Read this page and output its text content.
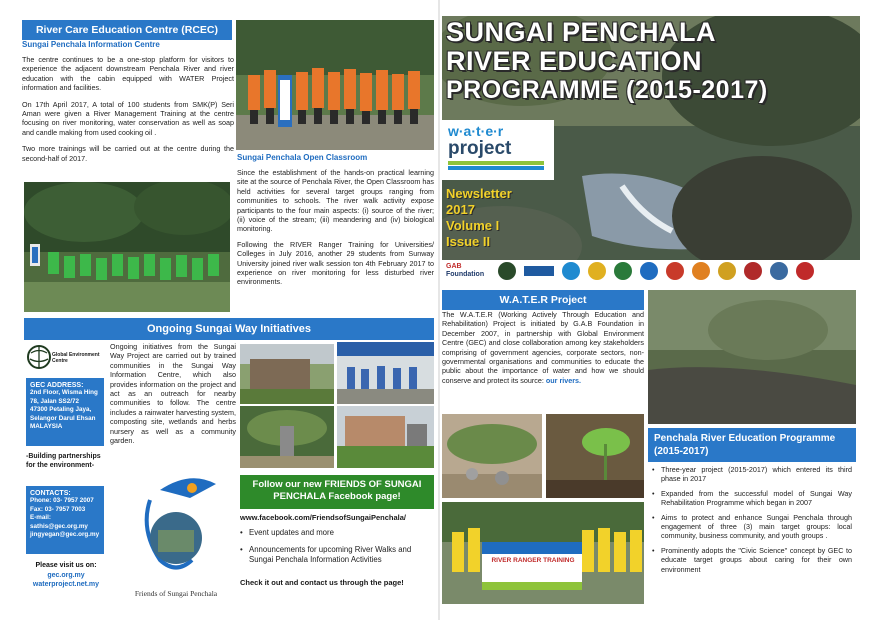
River Care Education Centre (RCEC)
Sungai Penchala Information Centre

The centre continues to be a one-stop platform for visitors to experience the adjacent downstream Penchala River and river education with the cabin equipped with WATER Project information and facilities.

On 17th April 2017, A total of 100 students from SMK(P) Seri Aman were given a River Management Training at the centre focusing on river monitoring, water conservation as well as soap and candle making from used cooking oil .

Two more trainings will be carried out at the centre during the second-half of 2017.	Sungai Penchala Open Classroom

Since the establishment of the hands-on practical learning site at the source of Penchala River, the Open Classroom has held activities for several target groups ranging from communities to schools. The river walk activity expose participants to the four main aspects: (i) source of the river; (ii) voice of the stream; (iii) meandering and (iv) biological monitoring.

Following the RIVER Ranger Training for Universities/ Colleges in July 2016, another 29 students from Sunway University joined river walk session ton 4th February 2017 to experience on river monitoring for less disturbed river environments.

Ongoing Sungai Way Initiatives
Global Environment Centre
GEC ADDRESS:
2nd Floor, Wisma Hing
78, Jalan SS2/72
47300 Petaling Jaya,
Selangor Darul Ehsan
MALAYSIA
-Building partnerships
for the environment-
CONTACTS:
Phone: 03- 7957 2007
Fax: 03- 7957 7003
E-mail:
sathis@gec.org.my
jingyegan@gec.org.my
Please visit us on:
gec.org.my
waterproject.net.my

Ongoing initiatives from the Sungai Way Project are carried out by trained communities in the Sungai Way Information Centre, which also provides information on the project and act as an outreach for nearby communities to follow. The centre includes a rainwater harvesting system, composting site, wetlands and herbs nursery as well as a community garden.

Friends of Sungai Penchala
Follow our new FRIENDS OF SUNGAI PENCHALA Facebook page!
www.facebook.com/FriendsofSungaiPenchala/
• Event updates and more
• Announcements for upcoming River Walks and Sungai Penchala Information Activities
Check it out and contact us through the page!
SUNGAI PENCHALA
RIVER EDUCATION
PROGRAMME (2015-2017)
w·a·t·e·r
project
Newsletter
2017
Volume I
Issue II
GAB
Foundation
W.A.T.E.R Project

The W.A.T.E.R (Working Actively Through Education and Rehabilitation) Project is initiated by G.A.B Foundation in December 2007, in partnership with Global Environment Centre (GEC) and close collaboration among key stakeholders comprising of government agencies, corporate sectors, non-governmental organisations and communities to educate the public about the importance of water and how we should conserve and protect its source: our rivers.

Penchala River Education Programme (2015-2017)
• Three-year project (2015-2017) which entered its third phase in 2017
• Expanded from the successful model of Sungai Way Rehabilitation Programme which began in 2007
• Aims to protect and enhance Sungai Penchala through engagement of three (3) main target groups: local community, business community, and youth groups .
• Prominently adopts the "Civic Science" concept by GEC to educate target groups about caring for their own environment
RIVER RANGER TRAINING
